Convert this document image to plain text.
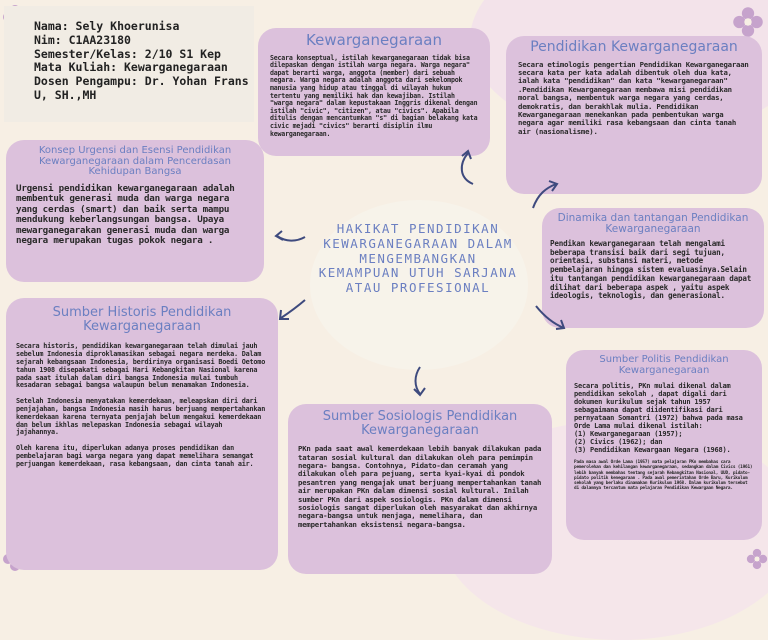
Nama: Sely Khoerunisa
Nim: C1AA23180
Semester/Kelas: 2/10 S1 Kep
Mata Kuliah: Kewarganegaraan
Dosen Pengampu: Dr. Yohan Frans U, SH.,MH
HAKIKAT PENDIDIKAN KEWARGANEGARAAN DALAM MENGEMBANGKAN KEMAMPUAN UTUH SARJANA ATAU PROFESIONAL
Kewarganegaraan

Secara konseptual, istilah kewarganegaraan tidak bisa dilepaskan dengan istilah warga negara. Warga negara" dapat berarti warga, anggota (member) dari sebuah negara. Warga negara adalah anggota dari sekelompok manusia yang hidup atau tinggal di wilayah hukum tertentu yang memiliki hak dan kewajiban. Istilah "warga negara" dalam kepustakaan Inggris dikenal dengan istilah "civic", "citizen", atau "civics". Apabila ditulis dengan mencantumkan "s" di bagian belakang kata civic mejadi "civics" berarti disiplin ilmu kewarganegaraan.

Pendidikan Kewarganegaraan

Secara etimologis pengertian Pendidikan Kewarganegaraan secara kata per kata adalah dibentuk oleh dua kata, ialah kata "pendidikan" dan kata "kewarganegaraan" .Pendidikan Kewarganegaraan membawa misi pendidikan moral bangsa, membentuk warga negara yang cerdas, demokratis, dan berakhlak mulia. Pendidikan Kewarganegaraan menekankan pada pembentukan warga negara agar memiliki rasa kebangsaan dan cinta tanah air (nasionalisme).

Konsep Urgensi dan Esensi Pendidikan Kewarganegaraan dalam Pencerdasan Kehidupan Bangsa

Urgensi pendidikan kewarganegaraan adalah membentuk generasi muda dan warga negara yang cerdas (smart) dan baik serta mampu mendukung keberlangsungan bangsa. Upaya mewarganegarakan generasi muda dan warga negara merupakan tugas pokok negara .

Dinamika dan tantangan Pendidikan Kewarganegaraan

Pendikan kewarganegaraan telah mengalami beberapa transisi baik dari segi tujuan, orientasi, substansi materi, metode pembelajaran hingga sistem evaluasinya.Selain itu tantangan pendidikan kewarganegaraan dapat dilihat dari beberapa aspek , yaitu aspek ideologis, teknologis, dan generasional.

Sumber Historis Pendidikan Kewarganegaraan

Secara historis, pendidikan kewarganegaraan telah dimulai jauh sebelum Indonesia diproklamasikan sebagai negara merdeka. Dalam sejarah kebangsaan Indonesia, berdirinya organisasi Boedi Oetomo tahun 1908 disepakati sebagai Hari Kebangkitan Nasional karena pada saat itulah dalam diri bangsa Indonesia mulai tumbuh kesadaran sebagai bangsa walaupun belum menamakan Indonesia.

Setelah Indonesia menyatakan kemerdekaan, meleapskan diri dari penjajahan, bangsa Indonesia masih harus berjuang mempertahankan kemerdekaan karena ternyata penjajah belum mengakui kemerdekaan dan belum ikhlas melepaskan Indonesia sebagai wilayah jajahannya.

Oleh karena itu, diperlukan adanya proses pendidikan dan pembelajaran bagi warga negara yang dapat memelihara semangat perjuangan kemerdekaan, rasa kebangsaan, dan cinta tanah air.

Sumber Sosiologis Pendidikan Kewarganegaraan

PKn pada saat awal kemerdekaan lebih banyak dilakukan pada tataran sosial kultural dan dilakukan oleh para pemimpin negara- bangsa. Contohnya, Pidato-dan ceramah yang dilakukan oleh para pejuang, serta kyai-kyai di pondok pesantren yang mengajak umat berjuang mempertahankan tanah air merupakan PKn dalam dimensi sosial kultural. Inilah sumber PKn dari aspek sosiologis. PKn dalam dimensi sosiologis sangat diperlukan oleh masyarakat dan akhirnya negara-bangsa untuk menjaga, memelihara, dan mempertahankan eksistensi negara-bangsa.

Sumber Politis Pendidikan Kewarganegaraan

Secara politis, PKn mulai dikenal dalam pendidikan sekolah , dapat digali dari dokumen kurikulum sejak tahun 1957 sebagaimana dapat diidentifikasi dari pernyataan Somantri (1972) bahwa pada masa Orde Lama mulai dikenal istilah:

(1) Kewarganegaraan (1957);

(2) Civics (1962); dan

(3) Pendidikan Kewargaan Negara (1968).

Pada masa awal Orde Lama (1957) mata pelajaran PKn membahas cara pemerolehan dan kehilangan kewarganegaraan, sedangkan dalam Civics (1961) lebih banyak membahas tentang sejarah Kebangkitan Nasional, UUD, pidato-pidato politik kenegaraan . Pada awal pemerintahan Orde Baru, Kurikulum sekolah yang berlaku dinamakan Kurikulum 1968. Dalam kurikulum tersebut di dalamnya tercantum mata pelajaran Pendidikan Kewargaan Negara.
